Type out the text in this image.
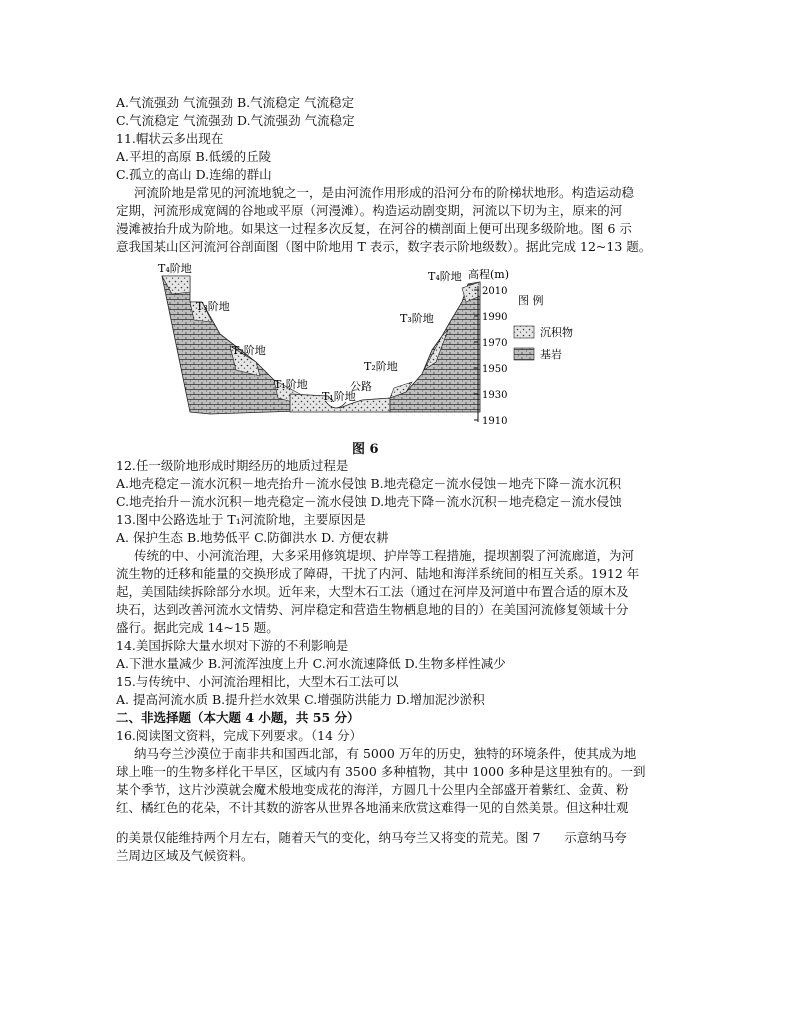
A.气流强劲 气流强劲 B.气流稳定 气流稳定
C.气流稳定 气流强劲 D.气流强劲 气流稳定
11.帽状云多出现在
A.平坦的高原 B.低缓的丘陵
C.孤立的高山 D.连绵的群山
河流阶地是常见的河流地貌之一，是由河流作用形成的沿河分布的阶梯状地形。构造运动稳
定期，河流形成宽阔的谷地或平原（河漫滩）。构造运动剧变期，河流以下切为主，原来的河
漫滩被抬升成为阶地。如果这一过程多次反复，在河谷的横剖面上便可出现多级阶地。图 6 示
意我国某山区河流河谷剖面图（图中阶地用 T 表示，数字表示阶地级数）。据此完成 12~13 题。
T₄阶地
T₃阶地
T₂阶地
T₁阶地
T₁阶地
公路
T₂阶地
T₃阶地
T₄阶地 高程(m)
2010
1990
1970
1950
1930
1910
图 例
沉积物
基岩
图 6
12.任一级阶地形成时期经历的地质过程是
A.地壳稳定－流水沉积－地壳抬升－流水侵蚀 B.地壳稳定－流水侵蚀－地壳下降－流水沉积
C.地壳抬升－流水沉积－地壳稳定－流水侵蚀 D.地壳下降－流水沉积－地壳稳定－流水侵蚀
13.图中公路选址于 T₁河流阶地，主要原因是
A. 保护生态 B.地势低平 C.防御洪水 D. 方便农耕
传统的中、小河流治理，大多采用修筑堤坝、护岸等工程措施，提坝割裂了河流廊道，为河
流生物的迁移和能量的交换形成了障碍，干扰了内河、陆地和海洋系统间的相互关系。1912 年
起，美国陆续拆除部分水坝。近年来，大型木石工法（通过在河岸及河道中布置合适的原木及
块石，达到改善河流水文情势、河岸稳定和营造生物栖息地的目的）在美国河流修复领域十分
盛行。据此完成 14~15 题。
14.美国拆除大量水坝对下游的不利影响是
A.下泄水量减少 B.河流浑浊度上升 C.河水流速降低 D.生物多样性减少
15.与传统中、小河流治理相比，大型木石工法可以
A. 提高河流水质 B.提升拦水效果 C.增强防洪能力 D.增加泥沙淤积
二、非选择题（本大题 4 小题，共 55 分）
16.阅读图文资料，完成下列要求。（14 分）
纳马夸兰沙漠位于南非共和国西北部，有 5000 万年的历史，独特的环境条件，使其成为地
球上唯一的生物多样化干旱区，区域内有 3500 多种植物，其中 1000 多种是这里独有的。一到
某个季节，这片沙漠就会魔术般地变成花的海洋，方圆几十公里内全部盛开着紫红、金黄、粉
红、橘红色的花朵，不计其数的游客从世界各地涌来欣赏这难得一见的自然美景。但这种壮观
的美景仅能维持两个月左右，随着天气的变化，纳马夸兰又将变的荒芜。图 7      示意纳马夸
兰周边区域及气候资料。
